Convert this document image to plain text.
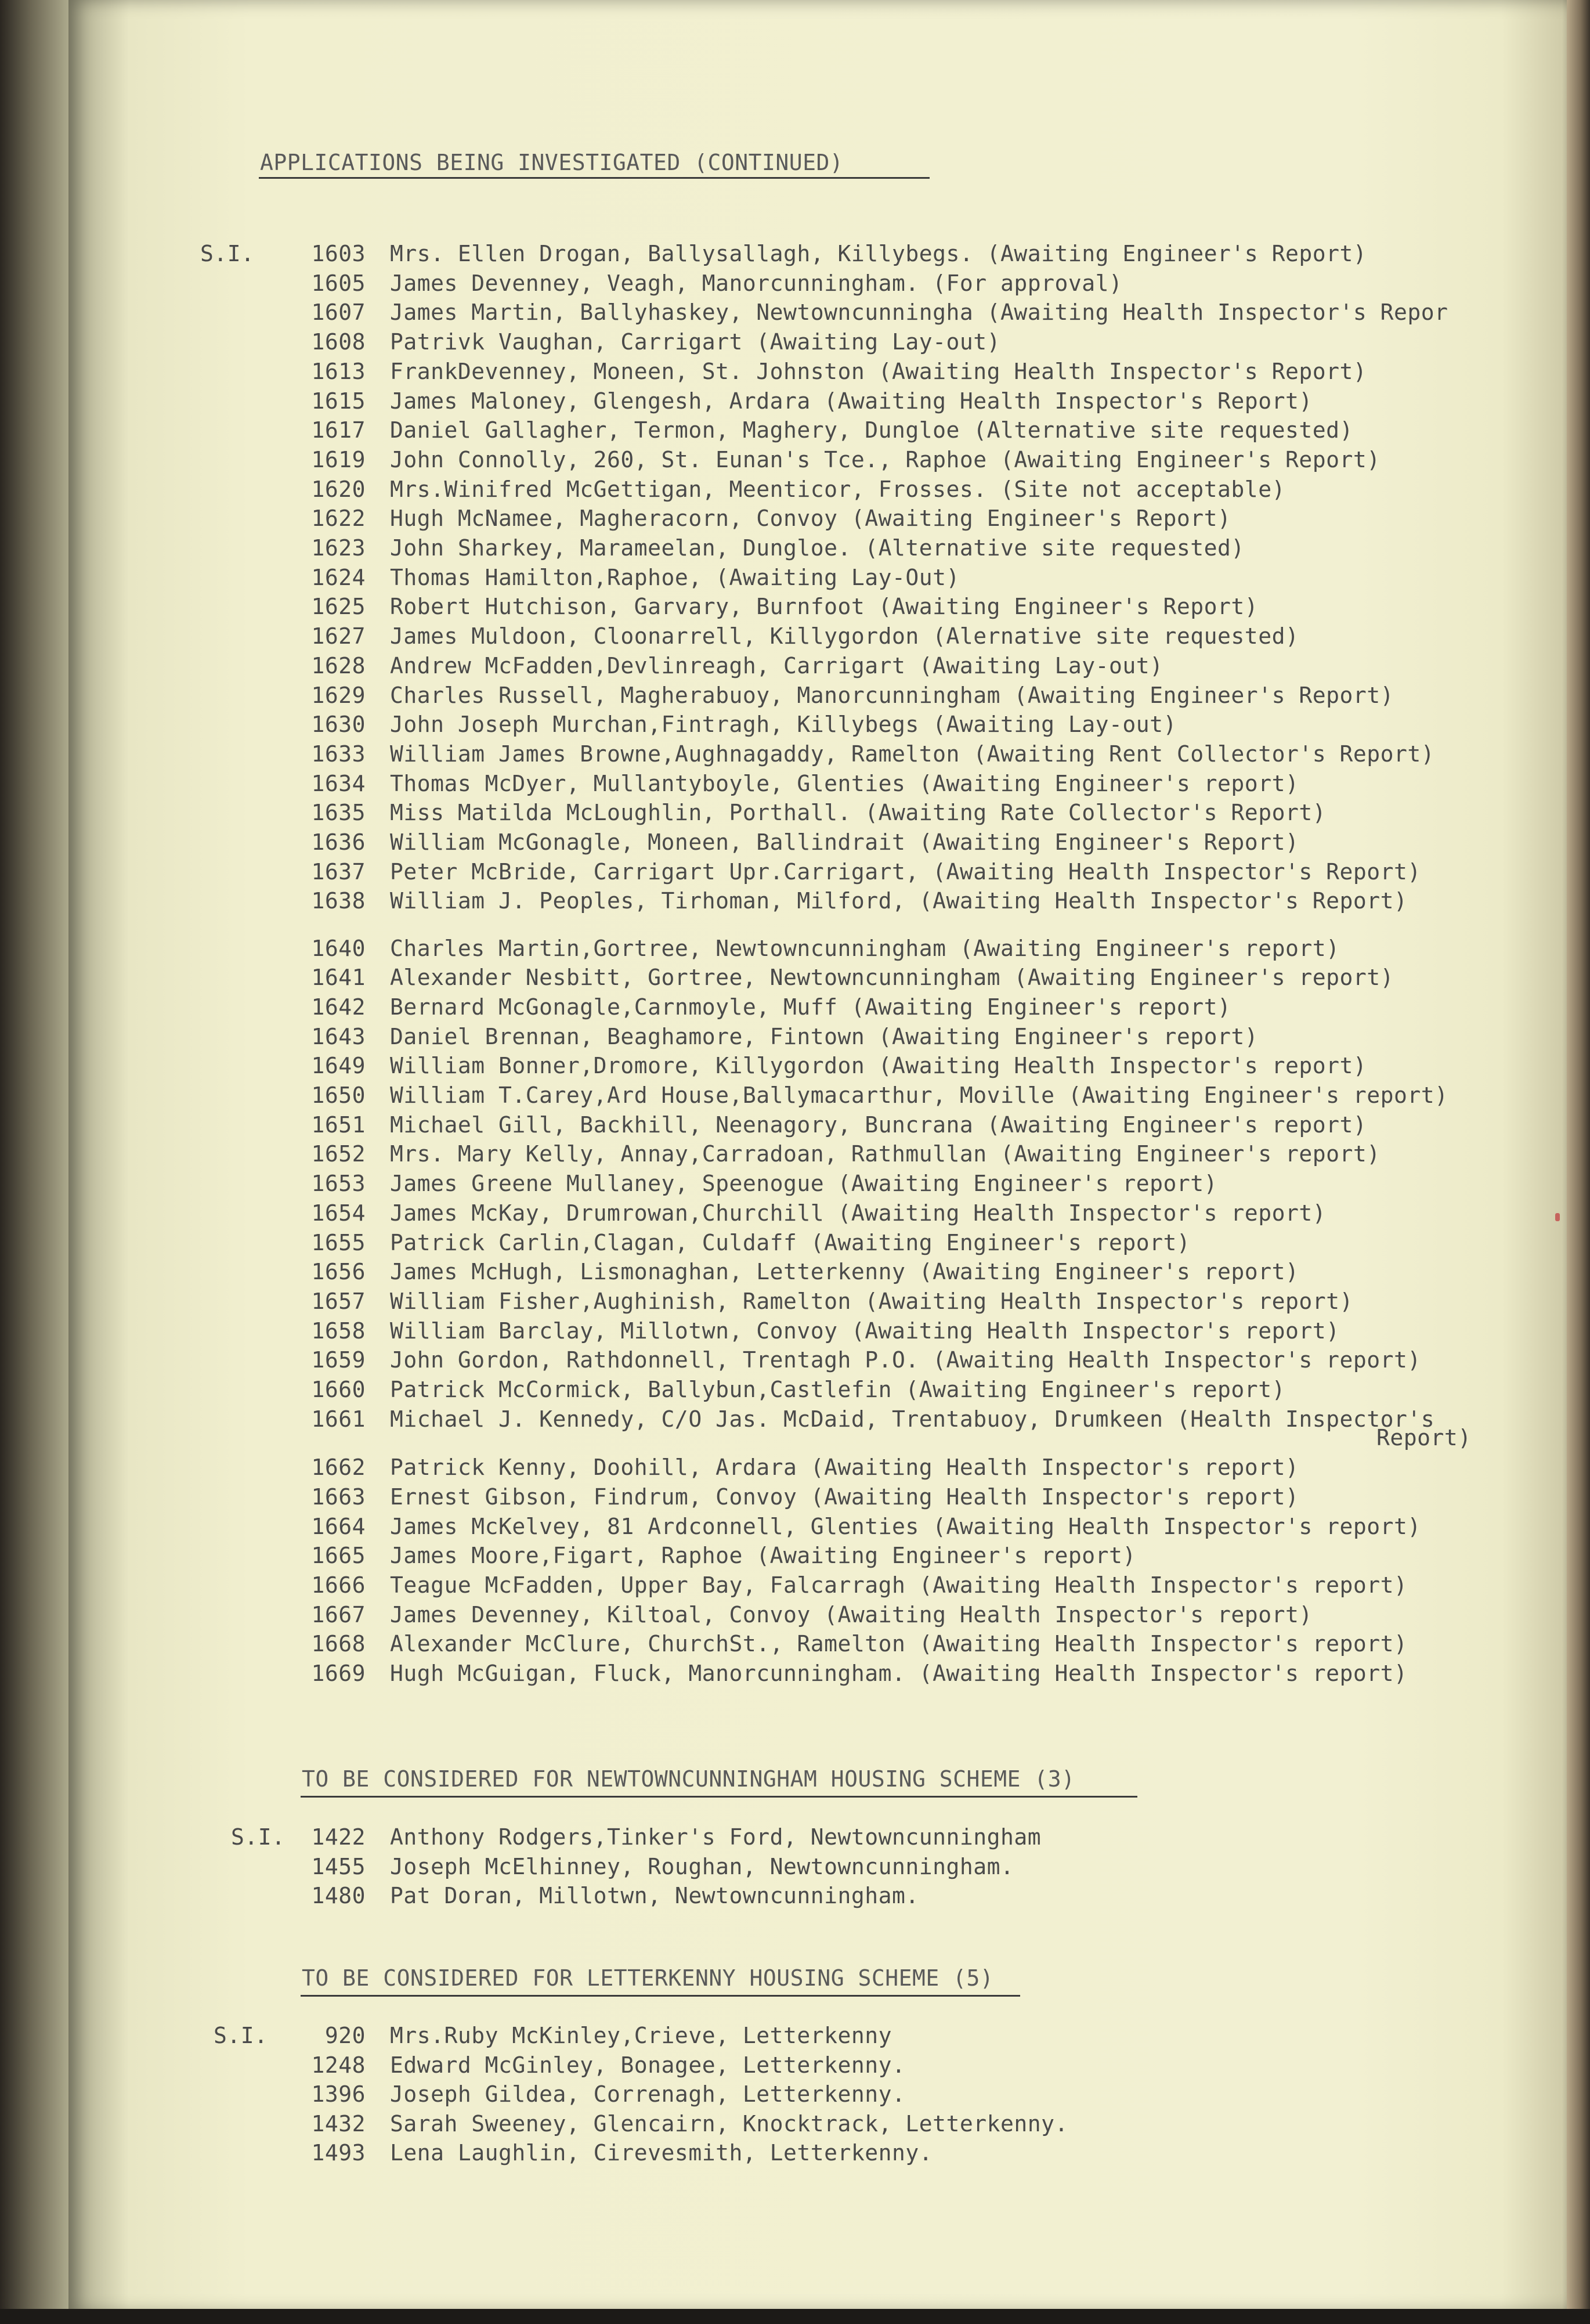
APPLICATIONS BEING INVESTIGATED (CONTINUED)
S.I.	1603 Mrs. Ellen Drogan, Ballysallagh, Killybegs. (Awaiting Engineer's Report)
1605 James Devenney, Veagh, Manorcunningham. (For approval)
1607 James Martin, Ballyhaskey, Newtowncunningha (Awaiting Health Inspector's Repor
1608 Patrivk Vaughan, Carrigart (Awaiting Lay-out)
1613 FrankDevenney, Moneen, St. Johnston (Awaiting Health Inspector's Report)
1615 James Maloney, Glengesh, Ardara (Awaiting Health Inspector's Report)
1617 Daniel Gallagher, Termon, Maghery, Dungloe (Alternative site requested)
1619 John Connolly, 260, St. Eunan's Tce., Raphoe (Awaiting Engineer's Report)
1620 Mrs.Winifred McGettigan, Meenticor, Frosses. (Site not acceptable)
1622 Hugh McNamee, Magheracorn, Convoy (Awaiting Engineer's Report)
1623 John Sharkey, Marameelan, Dungloe. (Alternative site requested)
1624 Thomas Hamilton,Raphoe, (Awaiting Lay-Out)
1625 Robert Hutchison, Garvary, Burnfoot (Awaiting Engineer's Report)
1627 James Muldoon, Cloonarrell, Killygordon (Alernative site requested)
1628 Andrew McFadden,Devlinreagh, Carrigart (Awaiting Lay-out)
1629 Charles Russell, Magherabuoy, Manorcunningham (Awaiting Engineer's Report)
1630 John Joseph Murchan,Fintragh, Killybegs (Awaiting Lay-out)
1633 William James Browne,Aughnagaddy, Ramelton (Awaiting Rent Collector's Report)
1634 Thomas McDyer, Mullantyboyle, Glenties (Awaiting Engineer's report)
1635 Miss Matilda McLoughlin, Porthall. (Awaiting Rate Collector's Report)
1636 William McGonagle, Moneen, Ballindrait (Awaiting Engineer's Report)
1637 Peter McBride, Carrigart Upr.Carrigart, (Awaiting Health Inspector's Report)
1638 William J. Peoples, Tirhoman, Milford, (Awaiting Health Inspector's Report)
1640 Charles Martin,Gortree, Newtowncunningham (Awaiting Engineer's report)
1641 Alexander Nesbitt, Gortree, Newtowncunningham (Awaiting Engineer's report)
1642 Bernard McGonagle,Carnmoyle, Muff (Awaiting Engineer's report)
1643 Daniel Brennan, Beaghamore, Fintown (Awaiting Engineer's report)
1649 William Bonner,Dromore, Killygordon (Awaiting Health Inspector's report)
1650 William T.Carey,Ard House,Ballymacarthur, Moville (Awaiting Engineer's report)
1651 Michael Gill, Backhill, Neenagory, Buncrana (Awaiting Engineer's report)
1652 Mrs. Mary Kelly, Annay,Carradoan, Rathmullan (Awaiting Engineer's report)
1653 James Greene Mullaney, Speenogue (Awaiting Engineer's report)
1654 James McKay, Drumrowan,Churchill (Awaiting Health Inspector's report)
1655 Patrick Carlin,Clagan, Culdaff (Awaiting Engineer's report)
1656 James McHugh, Lismonaghan, Letterkenny (Awaiting Engineer's report)
1657 William Fisher,Aughinish, Ramelton (Awaiting Health Inspector's report)
1658 William Barclay, Millotwn, Convoy (Awaiting Health Inspector's report)
1659 John Gordon, Rathdonnell, Trentagh P.O. (Awaiting Health Inspector's report)
1660 Patrick McCormick, Ballybun,Castlefin (Awaiting Engineer's report)
1661 Michael J. Kennedy, C/O Jas. McDaid, Trentabuoy, Drumkeen (Health Inspector's
Report)
1662 Patrick Kenny, Doohill, Ardara (Awaiting Health Inspector's report)
1663 Ernest Gibson, Findrum, Convoy (Awaiting Health Inspector's report)
1664 James McKelvey, 81 Ardconnell, Glenties (Awaiting Health Inspector's report)
1665 James Moore,Figart, Raphoe (Awaiting Engineer's report)
1666 Teague McFadden, Upper Bay, Falcarragh (Awaiting Health Inspector's report)
1667 James Devenney, Kiltoal, Convoy (Awaiting Health Inspector's report)
1668 Alexander McClure, ChurchSt., Ramelton (Awaiting Health Inspector's report)
1669 Hugh McGuigan, Fluck, Manorcunningham. (Awaiting Health Inspector's report)
TO BE CONSIDERED FOR NEWTOWNCUNNINGHAM HOUSING SCHEME (3)
S.I. 1422 Anthony Rodgers,Tinker's Ford, Newtowncunningham
1455 Joseph McElhinney, Roughan, Newtowncunningham.
1480 Pat Doran, Millotwn, Newtowncunningham.
TO BE CONSIDERED FOR LETTERKENNY HOUSING SCHEME (5)
S.I.	920 Mrs.Ruby McKinley,Crieve, Letterkenny
1248 Edward McGinley, Bonagee, Letterkenny.
1396 Joseph Gildea, Correnagh, Letterkenny.
1432 Sarah Sweeney, Glencairn, Knocktrack, Letterkenny.
1493 Lena Laughlin, Cirevesmith, Letterkenny.
